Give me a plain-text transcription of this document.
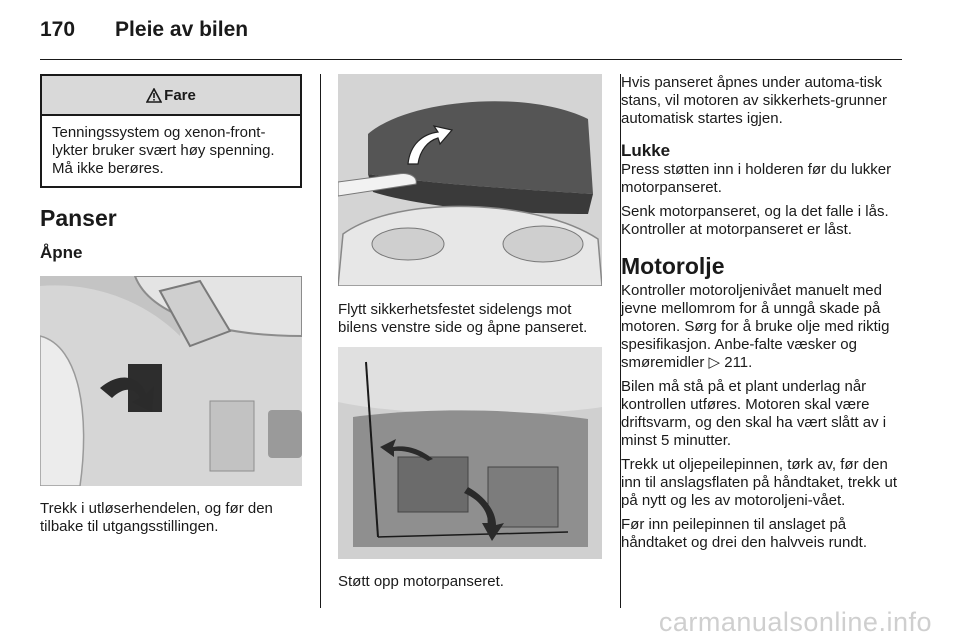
170 Pleie av bilen
Fare
Tenningssystem og xenon-front-lykter bruker svært høy spenning. Må ikke berøres.
Panser
Åpne

Trekk i utløserhendelen, og før den tilbake til utgangsstillingen.

Flytt sikkerhetsfestet sidelengs mot bilens venstre side og åpne panseret.

Støtt opp motorpanseret.

Hvis panseret åpnes under automa-tisk stans, vil motoren av sikkerhets-grunner automatisk startes igjen.

Lukke

Press støtten inn i holderen før du lukker motorpanseret.

Senk motorpanseret, og la det falle i lås. Kontroller at motorpanseret er låst.

Motorolje

Kontroller motoroljenivået manuelt med jevne mellomrom for å unngå skade på motoren. Sørg for å bruke olje med riktig spesifikasjon. Anbe-falte væsker og smøremidler ▷ 211.

Bilen må stå på et plant underlag når kontrollen utføres. Motoren skal være driftsvarm, og den skal ha vært slått av i minst 5 minutter.

Trekk ut oljepeilepinnen, tørk av, før den inn til anslagsflaten på håndtaket, trekk ut på nytt og les av motoroljeni-vået.

Før inn peilepinnen til anslaget på håndtaket og drei den halvveis rundt.

carmanualsonline.info
